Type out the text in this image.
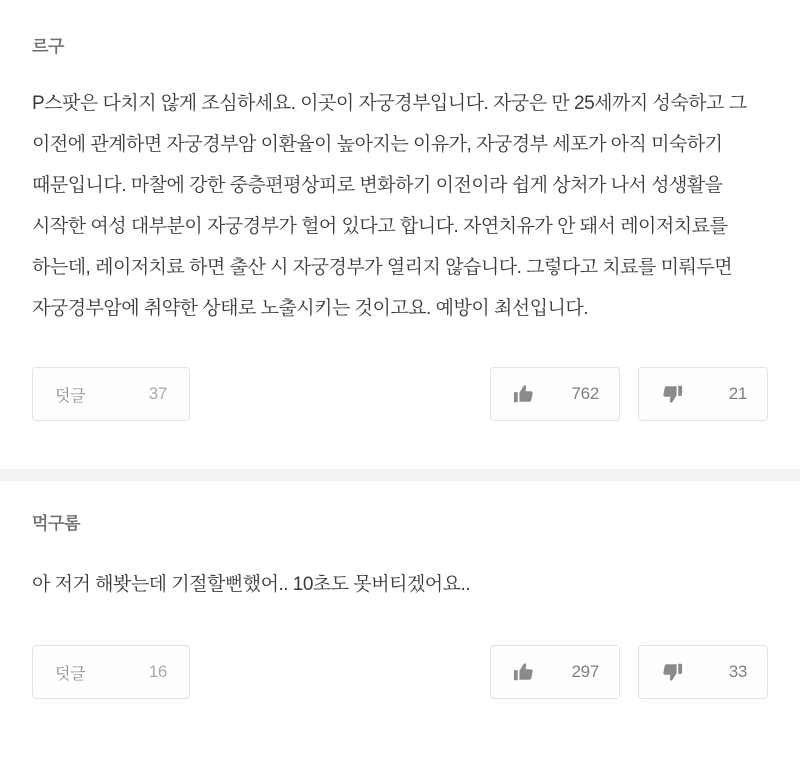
르구
P스팟은 다치지 않게 조심하세요. 이곳이 자궁경부입니다. 자궁은 만 25세까지 성숙하고 그 이전에 관계하면 자궁경부암 이환율이 높아지는 이유가, 자궁경부 세포가 아직 미숙하기 때문입니다. 마찰에 강한 중층편평상피로 변화하기 이전이라 쉽게 상처가 나서 성생활을 시작한 여성 대부분이 자궁경부가 헐어 있다고 합니다. 자연치유가 안 돼서 레이저치료를 하는데, 레이저치료 하면 출산 시 자궁경부가 열리지 않습니다. 그렇다고 치료를 미뤄두면 자궁경부암에 취약한 상태로 노출시키는 것이고요. 예방이 최선입니다.
덧글	37	762	21
먹구롬
아 저거 해봣는데 기절할뻔했어.. 10초도 못버티겠어요..
덧글	16	297	33
